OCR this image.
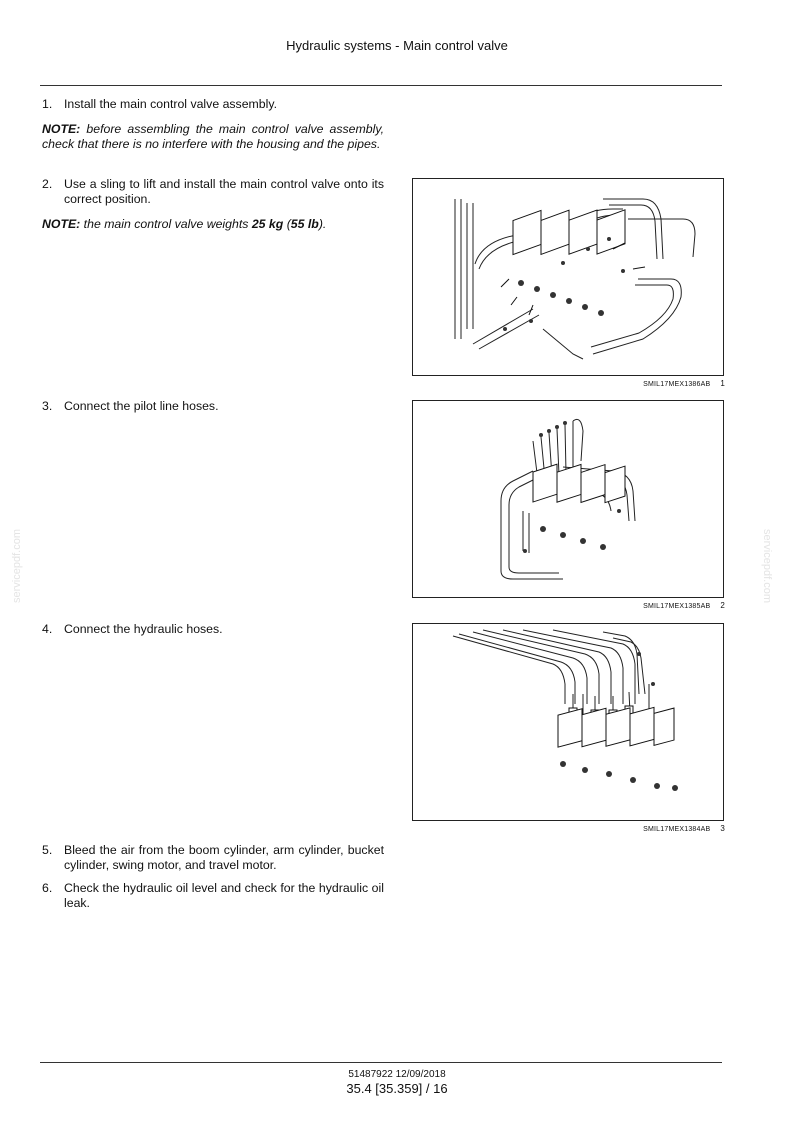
Hydraulic systems - Main control valve
1. Install the main control valve assembly.
NOTE: before assembling the main control valve assembly, check that there is no interfere with the housing and the pipes.
2. Use a sling to lift and install the main control valve onto its correct position.
NOTE: the main control valve weights 25 kg (55 lb).
3. Connect the pilot line hoses.
4. Connect the hydraulic hoses.
5. Bleed the air from the boom cylinder, arm cylinder, bucket cylinder, swing motor, and travel motor.
6. Check the hydraulic oil level and check for the hydraulic oil leak.
SMIL17MEX1386AB 1
SMIL17MEX1385AB 2
SMIL17MEX1384AB 3
servicepdf.com	servicepdf.com
51487922 12/09/2018
35.4 [35.359] / 16
